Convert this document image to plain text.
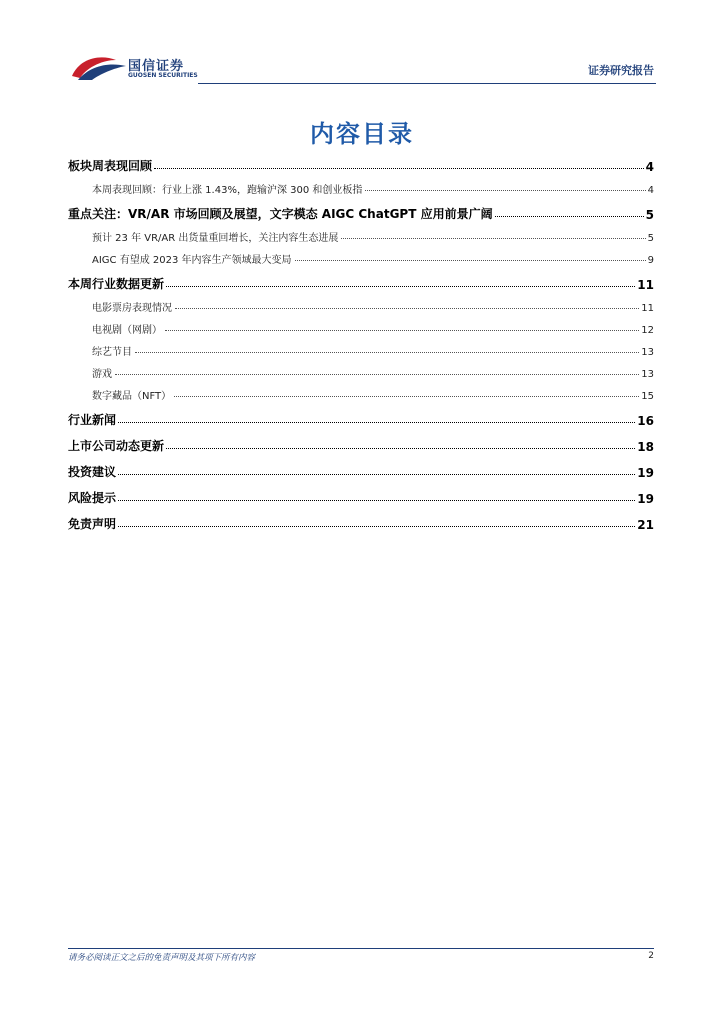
国信证券
GUOSEN SECURITIES	证券研究报告
内容目录
板块周表现回顾	4
本周表现回顾：行业上涨 1.43%，跑输沪深 300 和创业板指	4
重点关注：VR/AR 市场回顾及展望，文字模态 AIGC ChatGPT 应用前景广阔	5
预计 23 年 VR/AR 出货量重回增长，关注内容生态进展	5
AIGC 有望成 2023 年内容生产领域最大变局	9
本周行业数据更新	11
电影票房表现情况	11
电视剧（网剧）	12
综艺节目	13
游戏	13
数字藏品（NFT）	15
行业新闻	16
上市公司动态更新	18
投资建议	19
风险提示	19
免责声明	21
请务必阅读正文之后的免责声明及其项下所有内容	2
